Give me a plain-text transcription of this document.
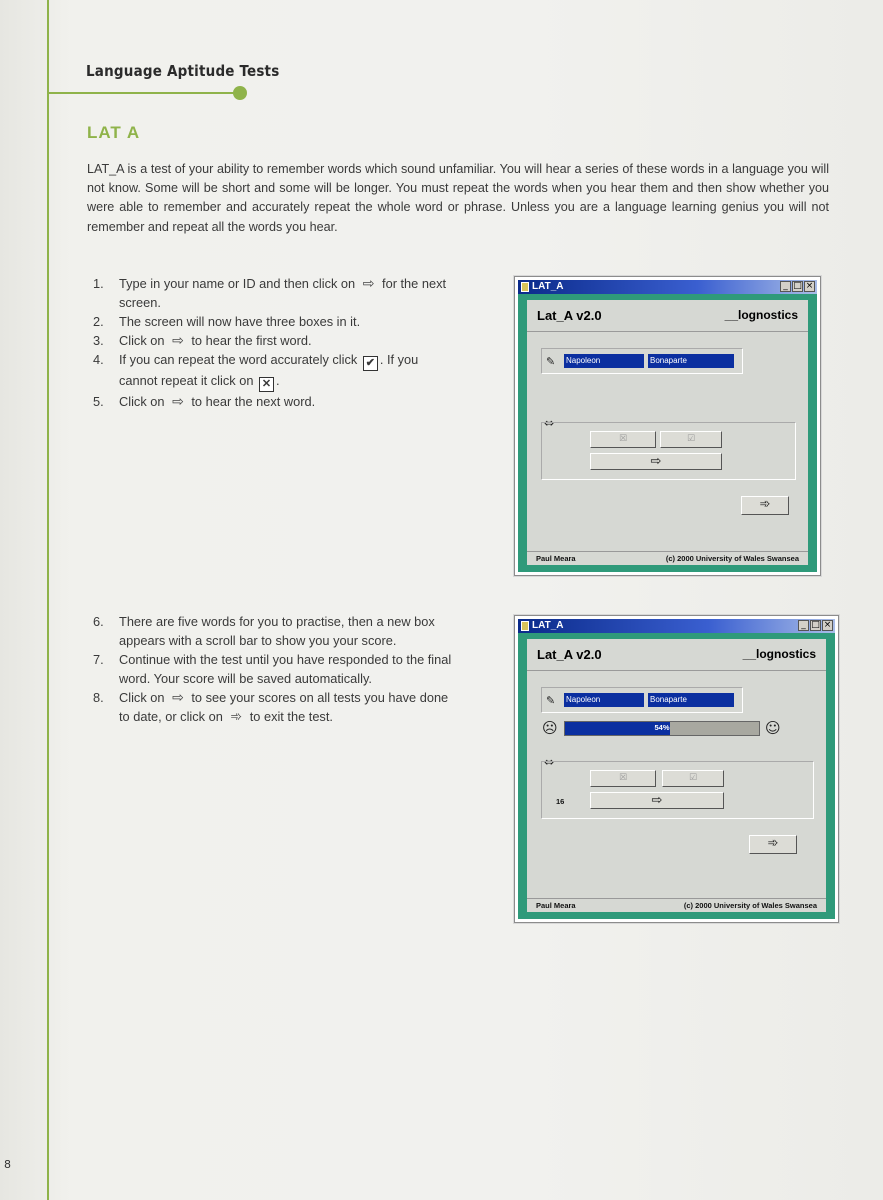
Language Aptitude Tests
LAT A
LAT_A is a test of your ability to remember words which sound unfamiliar. You will hear a series of these words in a language you will not know. Some will be short and some will be longer. You must repeat the words when you hear them and then show whether you were able to remember and accurately repeat the whole word or phrase. Unless you are a language learning genius you will not remember and repeat all the words you hear.
1. Type in your name or ID and then click on ⇨ for the next screen.
2. The screen will now have three boxes in it.
3. Click on ⇨ to hear the first word.
4. If you can repeat the word accurately click ✔ . If you cannot repeat it click on ✕ .
5. Click on ⇨ to hear the next word.
6. There are five words for you to practise, then a new box appears with a scroll bar to show you your score.
7. Continue with the test until you have responded to the final word. Your score will be saved automatically.
8. Click on ⇨ to see your scores on all tests you have done to date, or click on ➾ to exit the test.
LAT_A	_ □ ×
Lat_A v2.0	__lognostics
✎ Napoleon	Bonaparte
⇔
☒	☑
⇨
➾
Paul Meara	(c) 2000 University of Wales Swansea
LAT_A	_ □ ×
Lat_A v2.0	__lognostics
✎ Napoleon	Bonaparte
☹	54%	☺
⇔
☒	☑
16	⇨
➾
Paul Meara	(c) 2000 University of Wales Swansea
8
